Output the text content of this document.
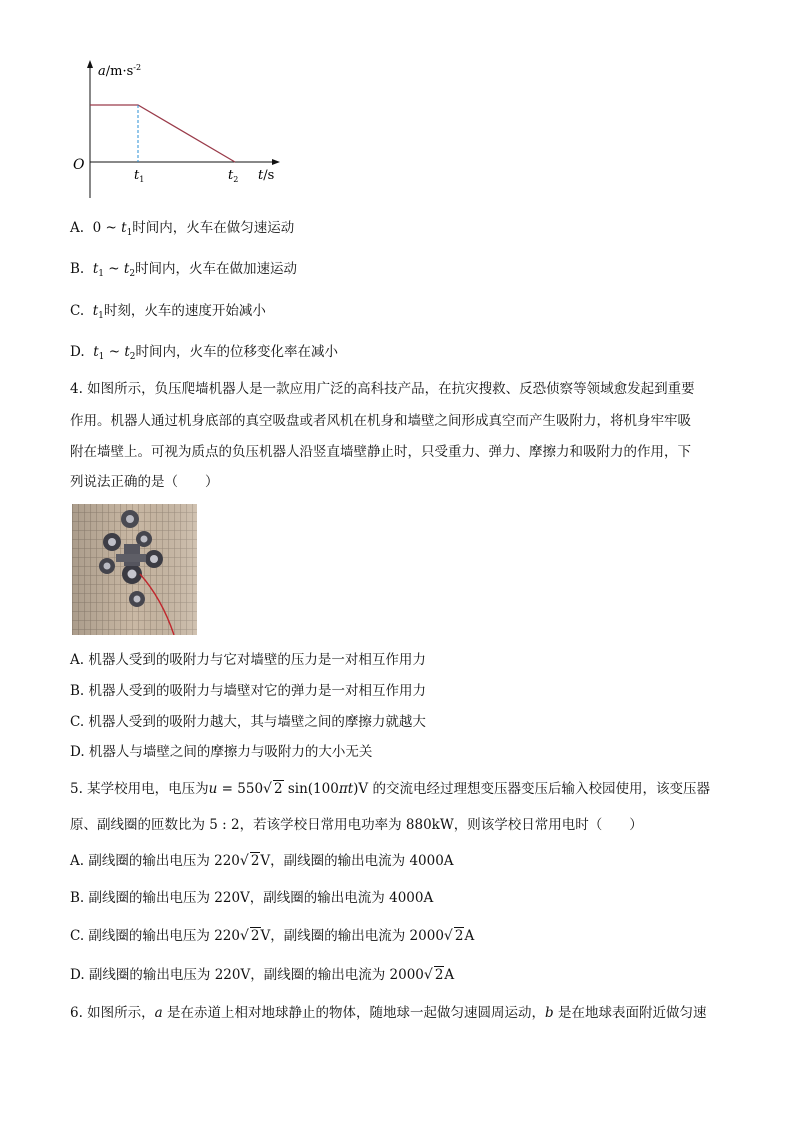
$a/m\cdot s^{-2}$
O
t/s
$t_1$	$t_2$
A. 0 ~ $t_1$时间内，火车在做匀速运动
B. $t_1$ ~ $t_2$时间内，火车在做加速运动
C. $t_1$时刻，火车的速度开始减小
D. $t_1$ ~ $t_2$时间内，火车的位移变化率在减小
4. 如图所示，负压爬墙机器人是一款应用广泛的高科技产品，在抗灾搜救、反恐侦察等领域愈发起到重要
作用。机器人通过机身底部的真空吸盘或者风机在机身和墙壁之间形成真空而产生吸附力，将机身牢牢吸
附在墙壁上。可视为质点的负压机器人沿竖直墙壁静止时，只受重力、弹力、摩擦力和吸附力的作用，下
列说法正确的是（　　）
A. 机器人受到的吸附力与它对墙壁的压力是一对相互作用力
B. 机器人受到的吸附力与墙壁对它的弹力是一对相互作用力
C. 机器人受到的吸附力越大，其与墙壁之间的摩擦力就越大
D. 机器人与墙壁之间的摩擦力与吸附力的大小无关
5. 某学校用电，电压为u = 550√ 2 sin(100πt)V 的交流电经过理想变压器变压后输入校园使用，该变压器
原、副线圈的匝数比为 5 : 2，若该学校日常用电功率为 880kW，则该学校日常用电时（　　）
A. 副线圈的输出电压为 220√ 2V，副线圈的输出电流为 4000A
B. 副线圈的输出电压为 220V，副线圈的输出电流为 4000A
C. 副线圈的输出电压为 220√ 2V，副线圈的输出电流为 2000√ 2A
D. 副线圈的输出电压为 220V，副线圈的输出电流为 2000√ 2A
6. 如图所示，a 是在赤道上相对地球静止的物体，随地球一起做匀速圆周运动，b 是在地球表面附近做匀速
